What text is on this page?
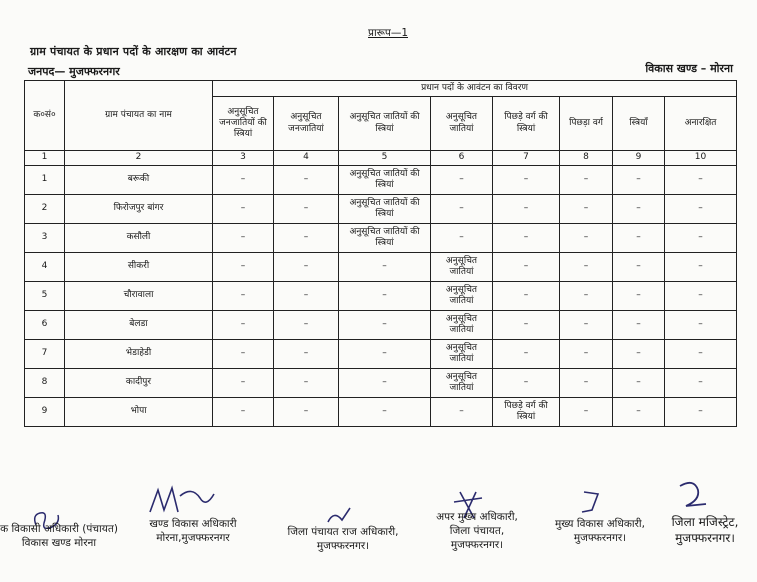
प्रारूप—1
ग्राम पंचायत के प्रधान पदों के आरक्षण का आवंटन
जनपद— मुजफ्फरनगर	विकास खण्ड – मोरना
क०सं०	ग्राम पंचायत का नाम	प्रधान पदों के आवंटन का विवरण							
		अनुसूचित जनजातियों की स्त्रियां	अनुसूचित जनजातियां	अनुसूचित जातियों की स्त्रियां	अनुसूचित जातियां	पिछड़े वर्ग की स्त्रियां	पिछड़ा वर्ग	स्त्रियाँ	अनारक्षित
1	2	3	4	5	6	7	8	9	10
1	बरूकी	–	–	अनुसूचित जातियों की स्त्रियां	–	–	–	–	–
2	फिरोजपुर बांगर	–	–	अनुसूचित जातियों की स्त्रियां	–	–	–	–	–
3	कसौली	–	–	अनुसूचित जातियों की स्त्रियां	–	–	–	–	–
4	सीकरी	–	–	–	अनुसूचित जातियां	–	–	–	–
5	चौरावाला	–	–	–	अनुसूचित जातियां	–	–	–	–
6	बेलडा	–	–	–	अनुसूचित जातियां	–	–	–	–
7	भेडाहेडी	–	–	–	अनुसूचित जातियां	–	–	–	–
8	कादीपुर	–	–	–	अनुसूचित जातियां	–	–	–	–
9	भोपा	–	–	–	–	पिछड़े वर्ग की स्त्रियां	–	–	–
क विकासी अधिकारी (पंचायत)
विकास खण्ड मोरना
खण्ड विकास अधिकारी
मोरना,मुजफ्फरनगर
जिला पंचायत राज अधिकारी,
मुजफ्फरनगर।
अपर मुख्य अधिकारी,
जिला पंचायत,
मुजफ्फरनगर।
मुख्य विकास अधिकारी,
मुजफ्फरनगर।
जिला मजिस्ट्रेट,
मुजफ्फरनगर।
